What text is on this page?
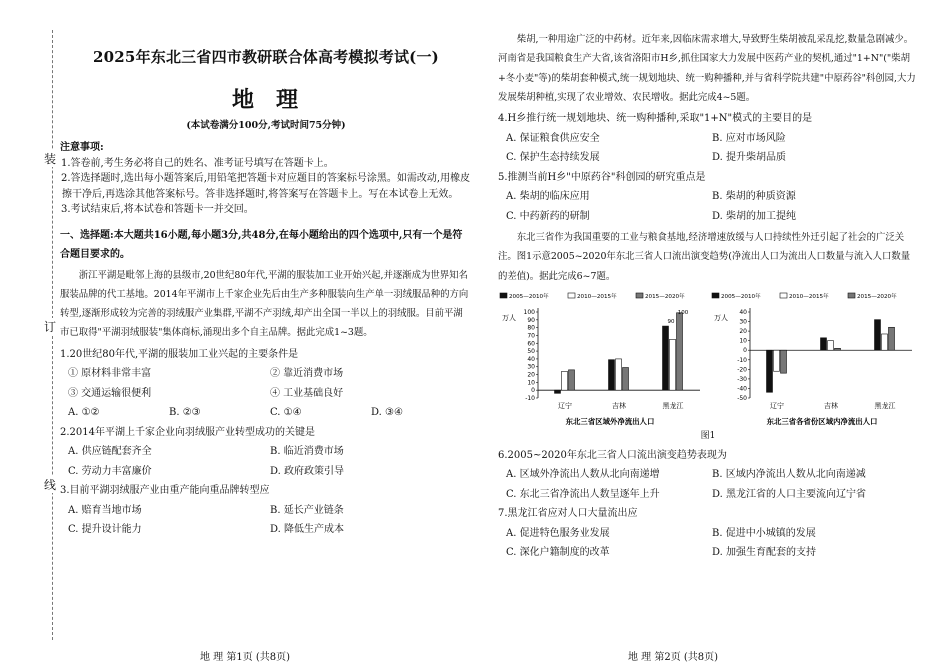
装
订
线
2025年东北三省四市教研联合体高考模拟考试(一)
地理
(本试卷满分100分,考试时间75分钟)
注意事项:
1.答卷前,考生务必将自己的姓名、准考证号填写在答题卡上。
2.答选择题时,选出每小题答案后,用铅笔把答题卡对应题目的答案标号涂黑。如需改动,用橡皮擦干净后,再选涂其他答案标号。答非选择题时,将答案写在答题卡上。写在本试卷上无效。
3.考试结束后,将本试卷和答题卡一并交回。
一、选择题:本大题共16小题,每小题3分,共48分,在每小题给出的四个选项中,只有一个是符合题目要求的。
浙江平湖是毗邻上海的县级市,20世纪80年代,平湖的服装加工业开始兴起,并逐渐成为世界知名服装品牌的代工基地。2014年平湖市上千家企业先后由生产多种服装向生产单一羽绒服品种的方向转型,逐渐形成较为完善的羽绒服产业集群,平湖不产羽绒,却产出全国一半以上的羽绒服。目前平湖市已取得"平湖羽绒服装"集体商标,涌现出多个自主品牌。据此完成1~3题。
1.20世纪80年代,平湖的服装加工业兴起的主要条件是
① 原材料非常丰富	② 靠近消费市场
③ 交通运输很便利	④ 工业基础良好
A. ①②	B. ②③	C. ①④	D. ③④
2.2014年平湖上千家企业向羽绒服产业转型成功的关键是
A. 供应链配套齐全	B. 临近消费市场
C. 劳动力丰富廉价	D. 政府政策引导
3.目前平湖羽绒服产业由重产能向重品牌转型应
A. 赔育当地市场	B. 延长产业链条
C. 提升设计能力	D. 降低生产成本
地 理 第1页 (共8页)
柴胡,一种用途广泛的中药材。近年来,因临床需求增大,导致野生柴胡被乱采乱挖,数量急剧减少。河南省是我国粮食生产大省,该省洛阳市H乡,抓住国家大力发展中医药产业的契机,通过"1+N"("柴胡+冬小麦"等)的柴胡套种模式,统一规划地块、统一购种播种,并与省科学院共建"中原药谷"科创园,大力发展柴胡种植,实现了农业增效、农民增收。据此完成4~5题。
4.H乡推行统一规划地块、统一购种播种,采取"1+N"模式的主要目的是
A. 保证粮食供应安全	B. 应对市场风险
C. 保护生态持续发展	D. 提升柴胡品质
5.推测当前H乡"中原药谷"科创园的研究重点是
A. 柴胡的临床应用	B. 柴胡的种质资源
C. 中药新药的研制	D. 柴胡的加工提纯
东北三省作为我国重要的工业与粮食基地,经济增速放缓与人口持续性外迁引起了社会的广泛关注。图1示意2005~2020年东北三省人口流出演变趋势(净流出人口为流出人口数量与流入人口数量的差值)。据此完成6~7题。
2005—2010年	2010—2015年	2015—2020年
万人
-10
0
10
20
30
40
50
60
70
80
90
100
辽宁	吉林	黑龙江
90
100
东北三省区域外净流出人口
2005—2010年	2010—2015年	2015—2020年
万人
-50
-40
-30
-20
-10
0
10
20
30
40
辽宁	吉林	黑龙江
东北三省各省份区域内净流出人口
图1
6.2005~2020年东北三省人口流出演变趋势表现为
A. 区域外净流出人数从北向南递增	B. 区域内净流出人数从北向南递减
C. 东北三省净流出人数呈逐年上升	D. 黑龙江省的人口主要流向辽宁省
7.黑龙江省应对人口大量流出应
A. 促进特色服务业发展	B. 促进中小城镇的发展
C. 深化户籍制度的改革	D. 加强生育配套的支持
地 理 第2页 (共8页)
